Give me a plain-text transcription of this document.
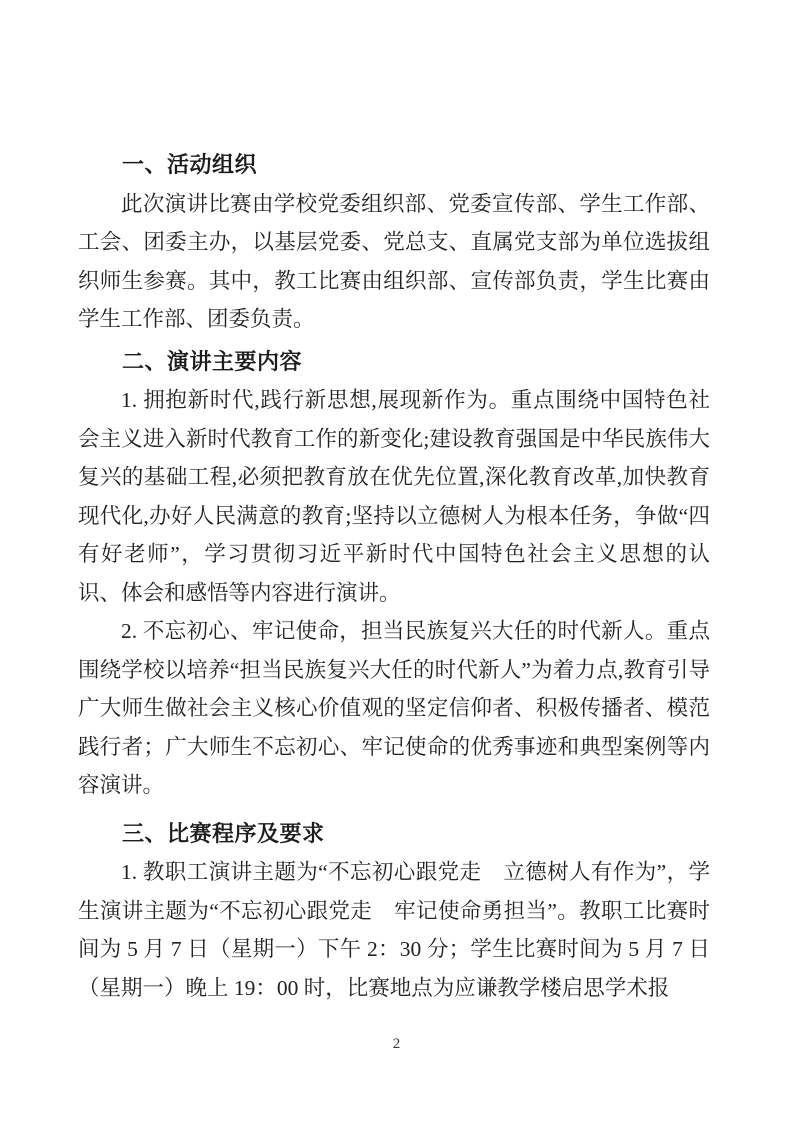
一、活动组织

此次演讲比赛由学校党委组织部、党委宣传部、学生工作部、工会、团委主办，以基层党委、党总支、直属党支部为单位选拔组织师生参赛。其中，教工比赛由组织部、宣传部负责，学生比赛由学生工作部、团委负责。

二、演讲主要内容

1. 拥抱新时代,践行新思想,展现新作为。重点围绕中国特色社会主义进入新时代教育工作的新变化;建设教育强国是中华民族伟大复兴的基础工程,必须把教育放在优先位置,深化教育改革,加快教育现代化,办好人民满意的教育;坚持以立德树人为根本任务，争做“四有好老师”，学习贯彻习近平新时代中国特色社会主义思想的认识、体会和感悟等内容进行演讲。

2. 不忘初心、牢记使命，担当民族复兴大任的时代新人。重点围绕学校以培养“担当民族复兴大任的时代新人”为着力点,教育引导广大师生做社会主义核心价值观的坚定信仰者、积极传播者、模范践行者；广大师生不忘初心、牢记使命的优秀事迹和典型案例等内容演讲。

三、比赛程序及要求

1. 教职工演讲主题为“不忘初心跟党走　立德树人有作为”，学生演讲主题为“不忘初心跟党走　牢记使命勇担当”。教职工比赛时间为 5 月 7 日（星期一）下午 2：30 分；学生比赛时间为 5 月 7 日（星期一）晚上 19：00 时，比赛地点为应谦教学楼启思学术报

2
